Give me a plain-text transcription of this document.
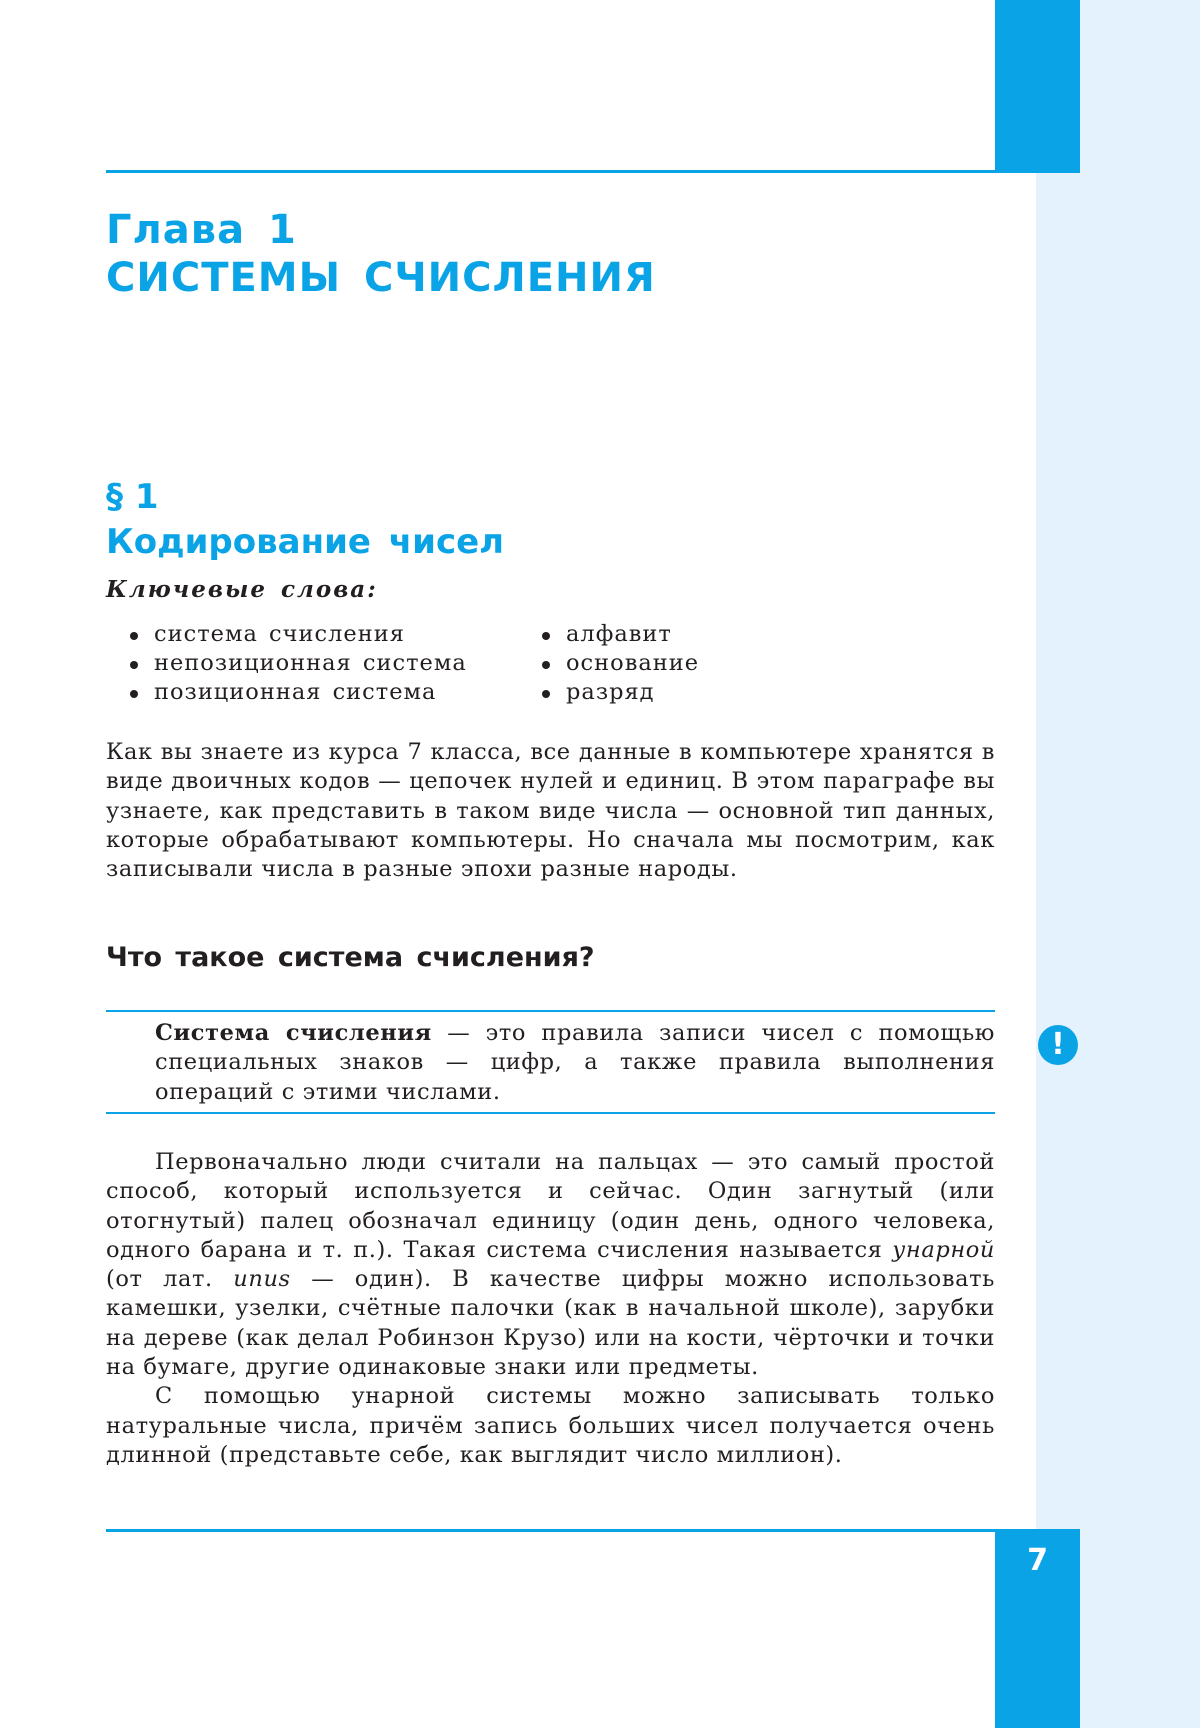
7
Глава 1
СИСТЕМЫ СЧИСЛЕНИЯ
§ 1
Кодирование чисел
Ключевые слова:
система счисления
непозиционная система
позиционная система
алфавит
основание
разряд

Как вы знаете из курса 7 класса, все данные в компьютере хранятся в виде двоичных кодов — цепочек нулей и единиц. В этом параграфе вы узнаете, как представить в таком виде числа — основной тип данных, которые обрабатывают компьютеры. Но сначала мы посмотрим, как записывали числа в разные эпохи разные народы.

Что такое система счисления?

Система счисления — это правила записи чисел с помощью специальных знаков — цифр, а также правила выполнения операций с этими числами.

!

Первоначально люди считали на пальцах — это самый простой способ, который используется и сейчас. Один загнутый (или отогнутый) палец обозначал единицу (один день, одного человека, одного барана и т. п.). Такая система счисления называется унарной (от лат. unus — один). В качестве цифры можно использовать камешки, узелки, счётные палочки (как в начальной школе), зарубки на дереве (как делал Робинзон Крузо) или на кости, чёрточки и точки на бумаге, другие одинаковые знаки или предметы.

С помощью унарной системы можно записывать только натуральные числа, причём запись больших чисел получается очень длинной (представьте себе, как выглядит число миллион).
